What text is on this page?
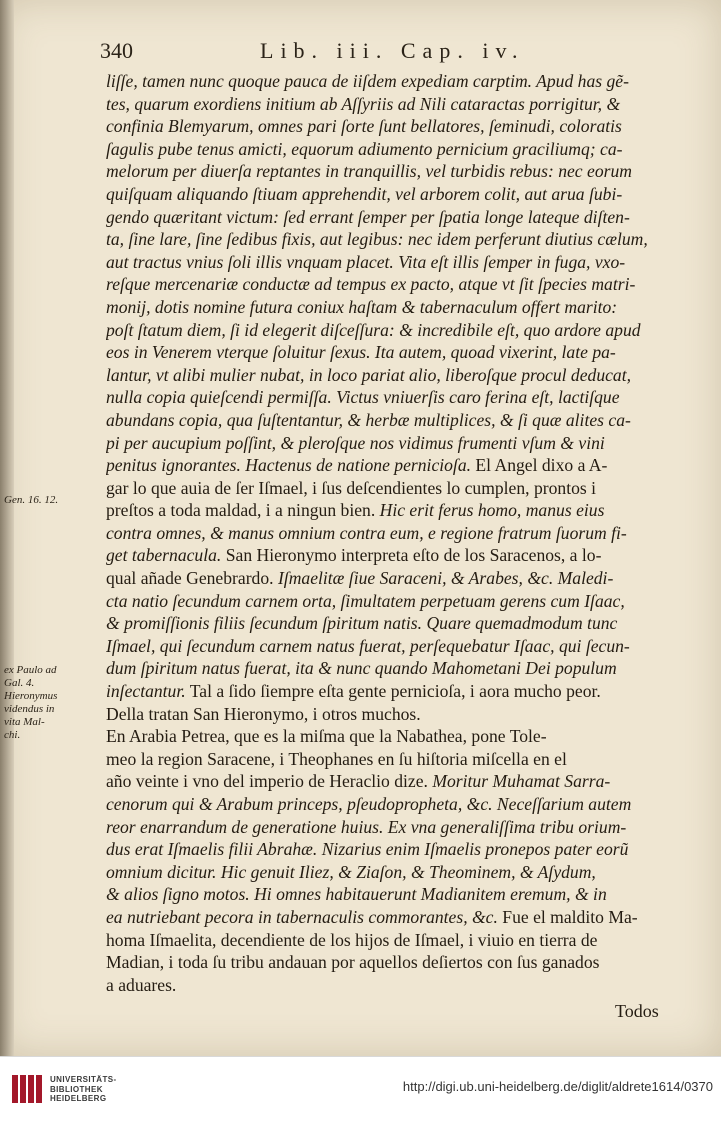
340	Lib. iii. Cap. iv.
liſſe, tamen nunc quoque pauca de iiſdem expediam carptim. Apud has gẽ-
tes, quarum exordiens initium ab Aſſyriis ad Nili cataractas porrigitur, &
confinia Blemyarum, omnes pari ſorte ſunt bellatores, ſeminudi, coloratis
ſagulis pube tenus amicti, equorum adiumento pernicium graciliumq; ca-
melorum per diuerſa reptantes in tranquillis, vel turbidis rebus: nec eorum
quiſquam aliquando ſtiuam apprehendit, vel arborem colit, aut arua ſubi-
gendo quæritant victum: ſed errant ſemper per ſpatia longe lateque diſten-
ta, ſine lare, ſine ſedibus fixis, aut legibus: nec idem perferunt diutius cælum,
aut tractus vnius ſoli illis vnquam placet. Vita eſt illis ſemper in fuga, vxo-
reſque mercenariæ conductæ ad tempus ex pacto, atque vt ſit ſpecies matri-
monij, dotis nomine futura coniux haſtam & tabernaculum offert marito:
poſt ſtatum diem, ſi id elegerit diſceſſura: & incredibile eſt, quo ardore apud
eos in Venerem vterque ſoluitur ſexus. Ita autem, quoad vixerint, late pa-
lantur, vt alibi mulier nubat, in loco pariat alio, liberoſque procul deducat,
nulla copia quieſcendi permiſſa. Victus vniuerſis caro ferina eſt, lactiſque
abundans copia, qua ſuſtentantur, & herbæ multiplices, & ſi quæ alites ca-
pi per aucupium poſſint, & pleroſque nos vidimus frumenti vſum & vini
penitus ignorantes. Hactenus de natione pernicioſa. El Angel dixo a A-
gar lo que auia de ſer Iſmael, i ſus deſcendientes lo cumplen, prontos i
preſtos a toda maldad, i a ningun bien. Hic erit ferus homo, manus eius
contra omnes, & manus omnium contra eum, e regione fratrum ſuorum fi-
get tabernacula. San Hieronymo interpreta eſto de los Saracenos, a lo-
qual añade Genebrardo. Iſmaelitæ ſiue Saraceni, & Arabes, &c. Maledi-
cta natio ſecundum carnem orta, ſimultatem perpetuam gerens cum Iſaac,
& promiſſionis filiis ſecundum ſpiritum natis. Quare quemadmodum tunc
Iſmael, qui ſecundum carnem natus fuerat, perſequebatur Iſaac, qui ſecun-
dum ſpiritum natus fuerat, ita & nunc quando Mahometani Dei populum
inſectantur. Tal a ſido ſiempre eſta gente pernicioſa, i aora mucho peor.
Della tratan San Hieronymo, i otros muchos.
En Arabia Petrea, que es la miſma que la Nabathea, pone Tole-
meo la region Saracene, i Theophanes en ſu hiſtoria miſcella en el
año veinte i vno del imperio de Heraclio dize. Moritur Muhamat Sarra-
cenorum qui & Arabum princeps, pſeudopropheta, &c. Neceſſarium autem
reor enarrandum de generatione huius. Ex vna generaliſſima tribu orium-
dus erat Iſmaelis filii Abrahæ. Nizarius enim Iſmaelis pronepos pater eorũ
omnium dicitur. Hic genuit Iliez, & Ziaſon, & Theominem, & Aſydum,
& alios ſigno motos. Hi omnes habitauerunt Madianitem eremum, & in
ea nutriebant pecora in tabernaculis commorantes, &c. Fue el maldito Ma-
homa Iſmaelita, decendiente de los hijos de Iſmael, i viuio en tierra de
Madian, i toda ſu tribu andauan por aquellos deſiertos con ſus ganados
a aduares.
Gen. 16. 12.
ex Paulo ad
Gal. 4.
Hieronymus
videndus in
vita Mal-
chi.
Todos
UNIVERSITÄTS-
BIBLIOTHEK
HEIDELBERG
http://digi.ub.uni-heidelberg.de/diglit/aldrete1614/0370
